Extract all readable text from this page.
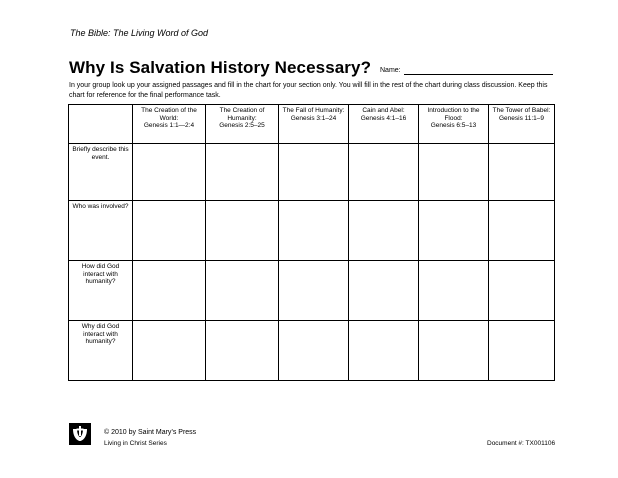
The Bible: The Living Word of God
Why Is Salvation History Necessary? Name:
In your group look up your assigned passages and fill in the chart for your section only. You will fill in the rest of the chart during class discussion. Keep this chart for reference for the final performance task.
	The Creation of the World:
Genesis 1:1—2:4	The Creation of Humanity:
Genesis 2:5–25	The Fall of Humanity:
Genesis 3:1–24	Cain and Abel:
Genesis 4:1–16	Introduction to the Flood:
Genesis 6:5–13	The Tower of Babel:
Genesis 11:1–9
Briefly describe this event.						
Who was involved?						
How did God interact with humanity?						
Why did God interact with humanity?						
© 2010 by Saint Mary’s Press
Living in Christ Series	Document #: TX001106
